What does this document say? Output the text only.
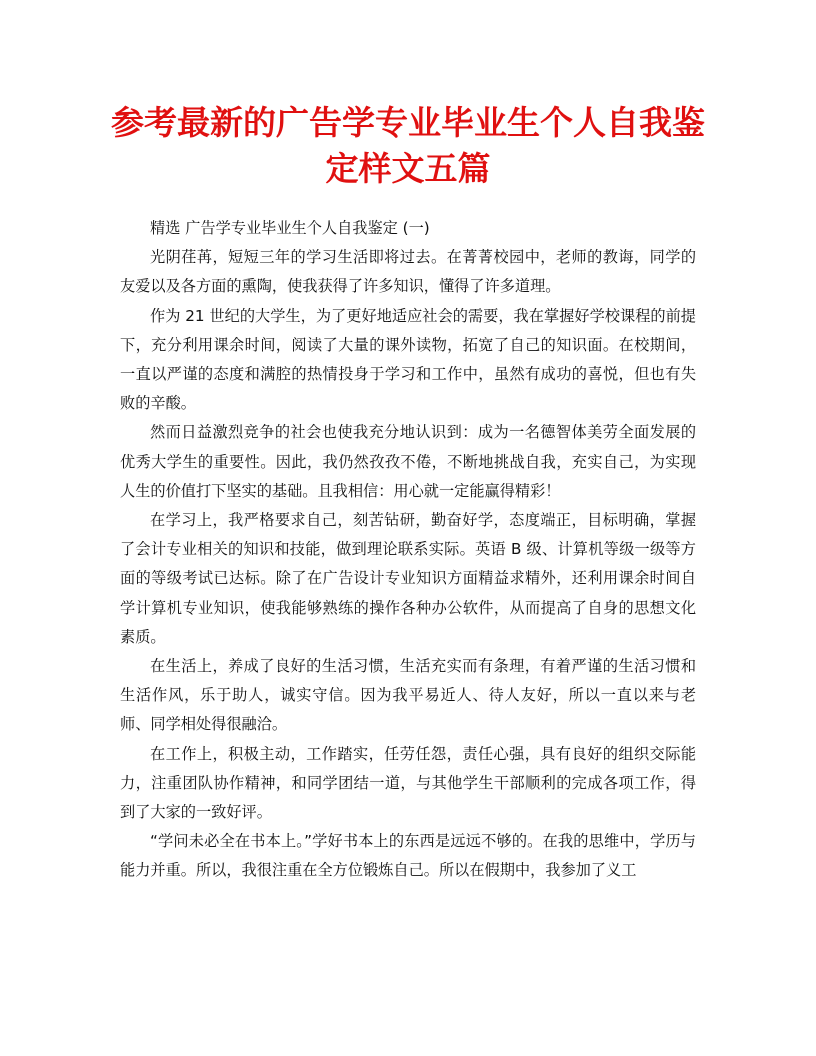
参考最新的广告学专业毕业生个人自我鉴定样文五篇

精选 广告学专业毕业生个人自我鉴定 (一)

光阴荏苒，短短三年的学习生活即将过去。在菁菁校园中，老师的教诲，同学的友爱以及各方面的熏陶，使我获得了许多知识，懂得了许多道理。

作为 21 世纪的大学生，为了更好地适应社会的需要，我在掌握好学校课程的前提下，充分利用课余时间，阅读了大量的课外读物，拓宽了自己的知识面。在校期间，一直以严谨的态度和满腔的热情投身于学习和工作中，虽然有成功的喜悦，但也有失败的辛酸。

然而日益激烈竞争的社会也使我充分地认识到：成为一名德智体美劳全面发展的优秀大学生的重要性。因此，我仍然孜孜不倦，不断地挑战自我，充实自己，为实现人生的价值打下坚实的基础。且我相信：用心就一定能赢得精彩！

在学习上，我严格要求自己，刻苦钻研，勤奋好学，态度端正，目标明确，掌握了会计专业相关的知识和技能，做到理论联系实际。英语 B 级、计算机等级一级等方面的等级考试已达标。除了在广告设计专业知识方面精益求精外，还利用课余时间自学计算机专业知识，使我能够熟练的操作各种办公软件，从而提高了自身的思想文化素质。

在生活上，养成了良好的生活习惯，生活充实而有条理，有着严谨的生活习惯和生活作风，乐于助人，诚实守信。因为我平易近人、待人友好，所以一直以来与老师、同学相处得很融洽。

在工作上，积极主动，工作踏实，任劳任怨，责任心强，具有良好的组织交际能力，注重团队协作精神，和同学团结一道，与其他学生干部顺利的完成各项工作，得到了大家的一致好评。

“学问未必全在书本上。”学好书本上的东西是远远不够的。在我的思维中，学历与能力并重。所以，我很注重在全方位锻炼自己。所以在假期中，我参加了义工
